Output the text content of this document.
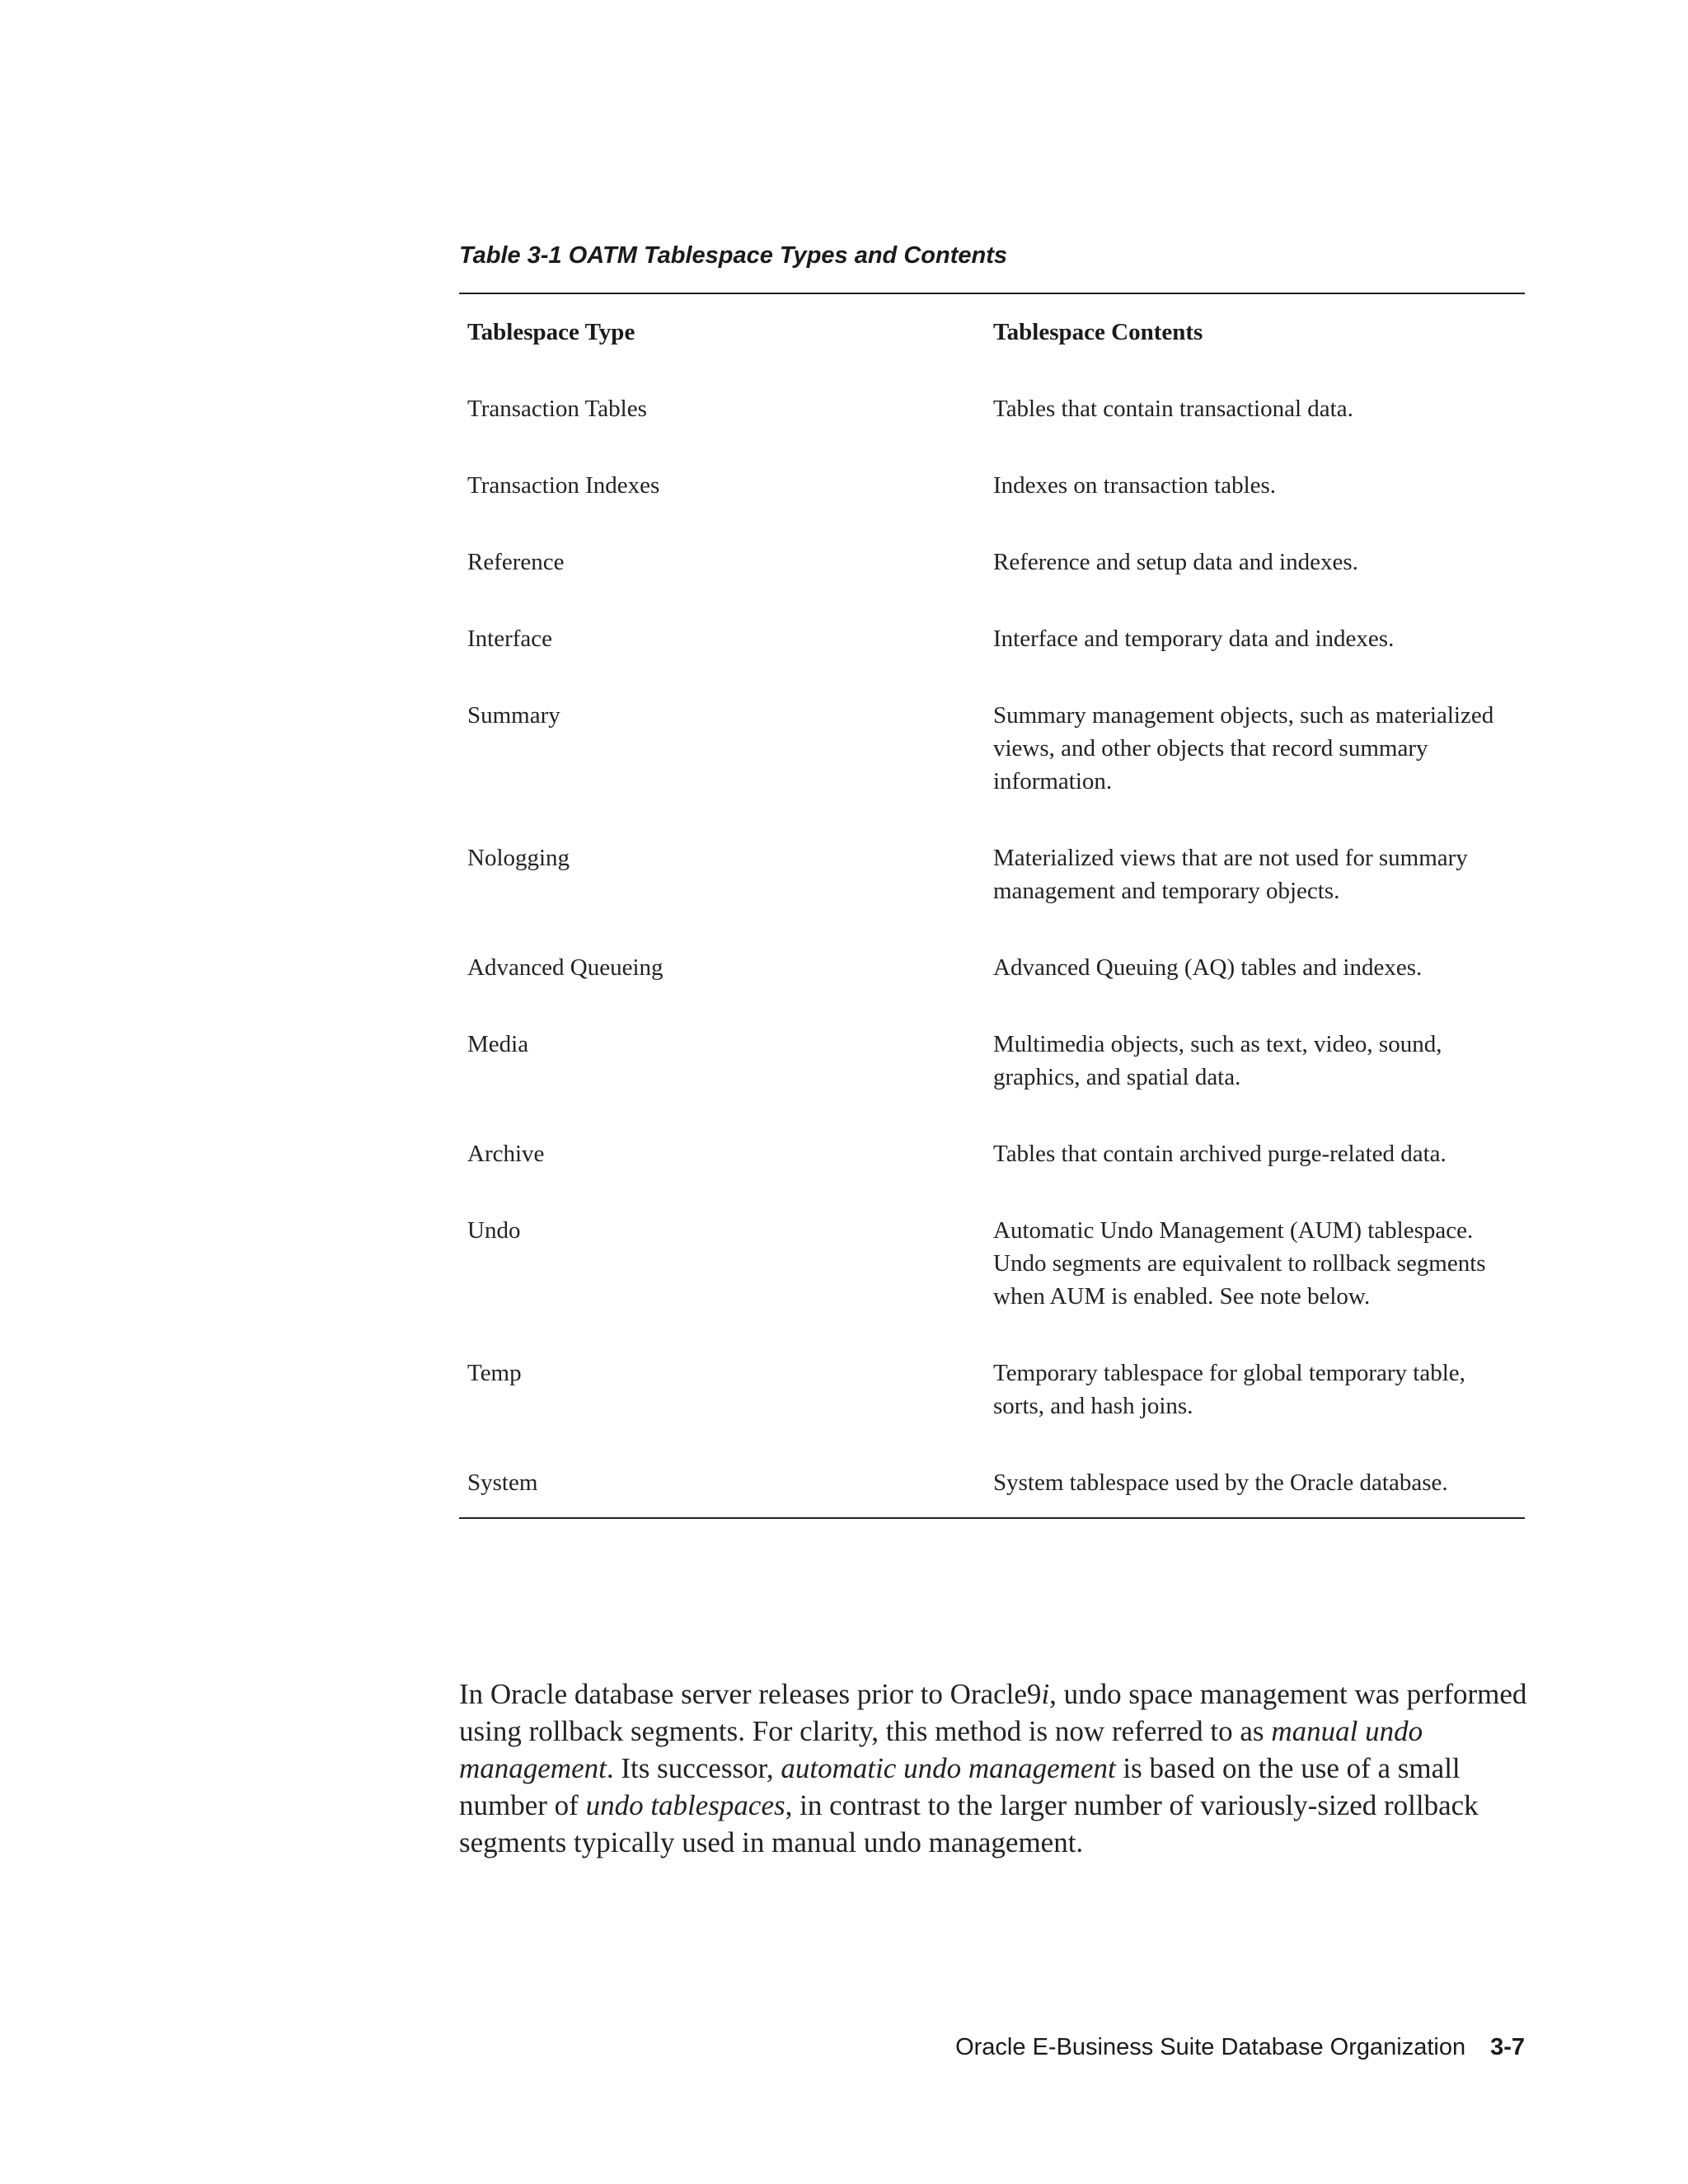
Table 3-1 OATM Tablespace Types and Contents
Tablespace Type	Tablespace Contents
Transaction Tables	Tables that contain transactional data.
Transaction Indexes	Indexes on transaction tables.
Reference	Reference and setup data and indexes.
Interface	Interface and temporary data and indexes.
Summary	Summary management objects, such as materialized views, and other objects that record summary information.
Nologging	Materialized views that are not used for summary management and temporary objects.
Advanced Queueing	Advanced Queuing (AQ) tables and indexes.
Media	Multimedia objects, such as text, video, sound, graphics, and spatial data.
Archive	Tables that contain archived purge-related data.
Undo	Automatic Undo Management (AUM) tablespace. Undo segments are equivalent to rollback segments when AUM is enabled. See note below.
Temp	Temporary tablespace for global temporary table, sorts, and hash joins.
System	System tablespace used by the Oracle database.

In Oracle database server releases prior to Oracle9i, undo space management was performed using rollback segments. For clarity, this method is now referred to as manual undo management. Its successor, automatic undo management is based on the use of a small number of undo tablespaces, in contrast to the larger number of variously-sized rollback segments typically used in manual undo management.

Oracle E-Business Suite Database Organization 3-7
